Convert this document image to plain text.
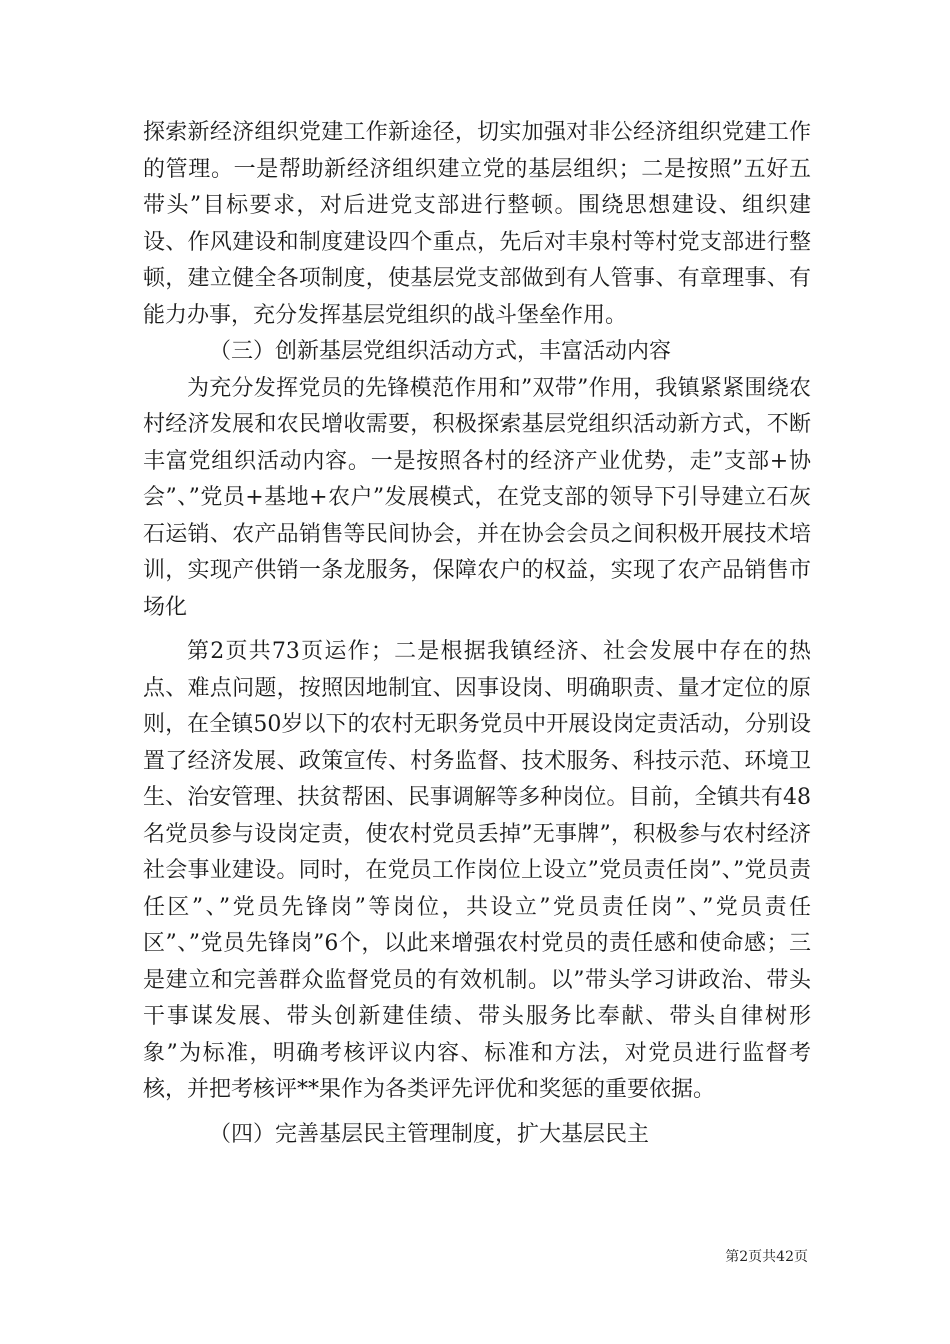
探索新经济组织党建工作新途径，切实加强对非公经济组织党建工作的管理。一是帮助新经济组织建立党的基层组织；二是按照”五好五带头”目标要求，对后进党支部进行整顿。围绕思想建设、组织建设、作风建设和制度建设四个重点，先后对丰泉村等村党支部进行整顿，建立健全各项制度，使基层党支部做到有人管事、有章理事、有能力办事，充分发挥基层党组织的战斗堡垒作用。

（三）创新基层党组织活动方式，丰富活动内容

为充分发挥党员的先锋模范作用和”双带”作用，我镇紧紧围绕农村经济发展和农民增收需要，积极探索基层党组织活动新方式，不断丰富党组织活动内容。一是按照各村的经济产业优势，走”支部+协会”、”党员+基地+农户”发展模式，在党支部的领导下引导建立石灰石运销、农产品销售等民间协会，并在协会会员之间积极开展技术培训，实现产供销一条龙服务，保障农户的权益，实现了农产品销售市场化

第2页共73页运作；二是根据我镇经济、社会发展中存在的热点、难点问题，按照因地制宜、因事设岗、明确职责、量才定位的原则，在全镇50岁以下的农村无职务党员中开展设岗定责活动，分别设置了经济发展、政策宣传、村务监督、技术服务、科技示范、环境卫生、治安管理、扶贫帮困、民事调解等多种岗位。目前，全镇共有48名党员参与设岗定责，使农村党员丢掉”无事牌”，积极参与农村经济社会事业建设。同时，在党员工作岗位上设立”党员责任岗”、”党员责任区”、”党员先锋岗”等岗位，共设立”党员责任岗”、”党员责任区”、”党员先锋岗”6个，以此来增强农村党员的责任感和使命感；三是建立和完善群众监督党员的有效机制。以”带头学习讲政治、带头干事谋发展、带头创新建佳绩、带头服务比奉献、带头自律树形象”为标准，明确考核评议内容、标准和方法，对党员进行监督考核，并把考核评**果作为各类评先评优和奖惩的重要依据。

（四）完善基层民主管理制度，扩大基层民主

第2页共42页
